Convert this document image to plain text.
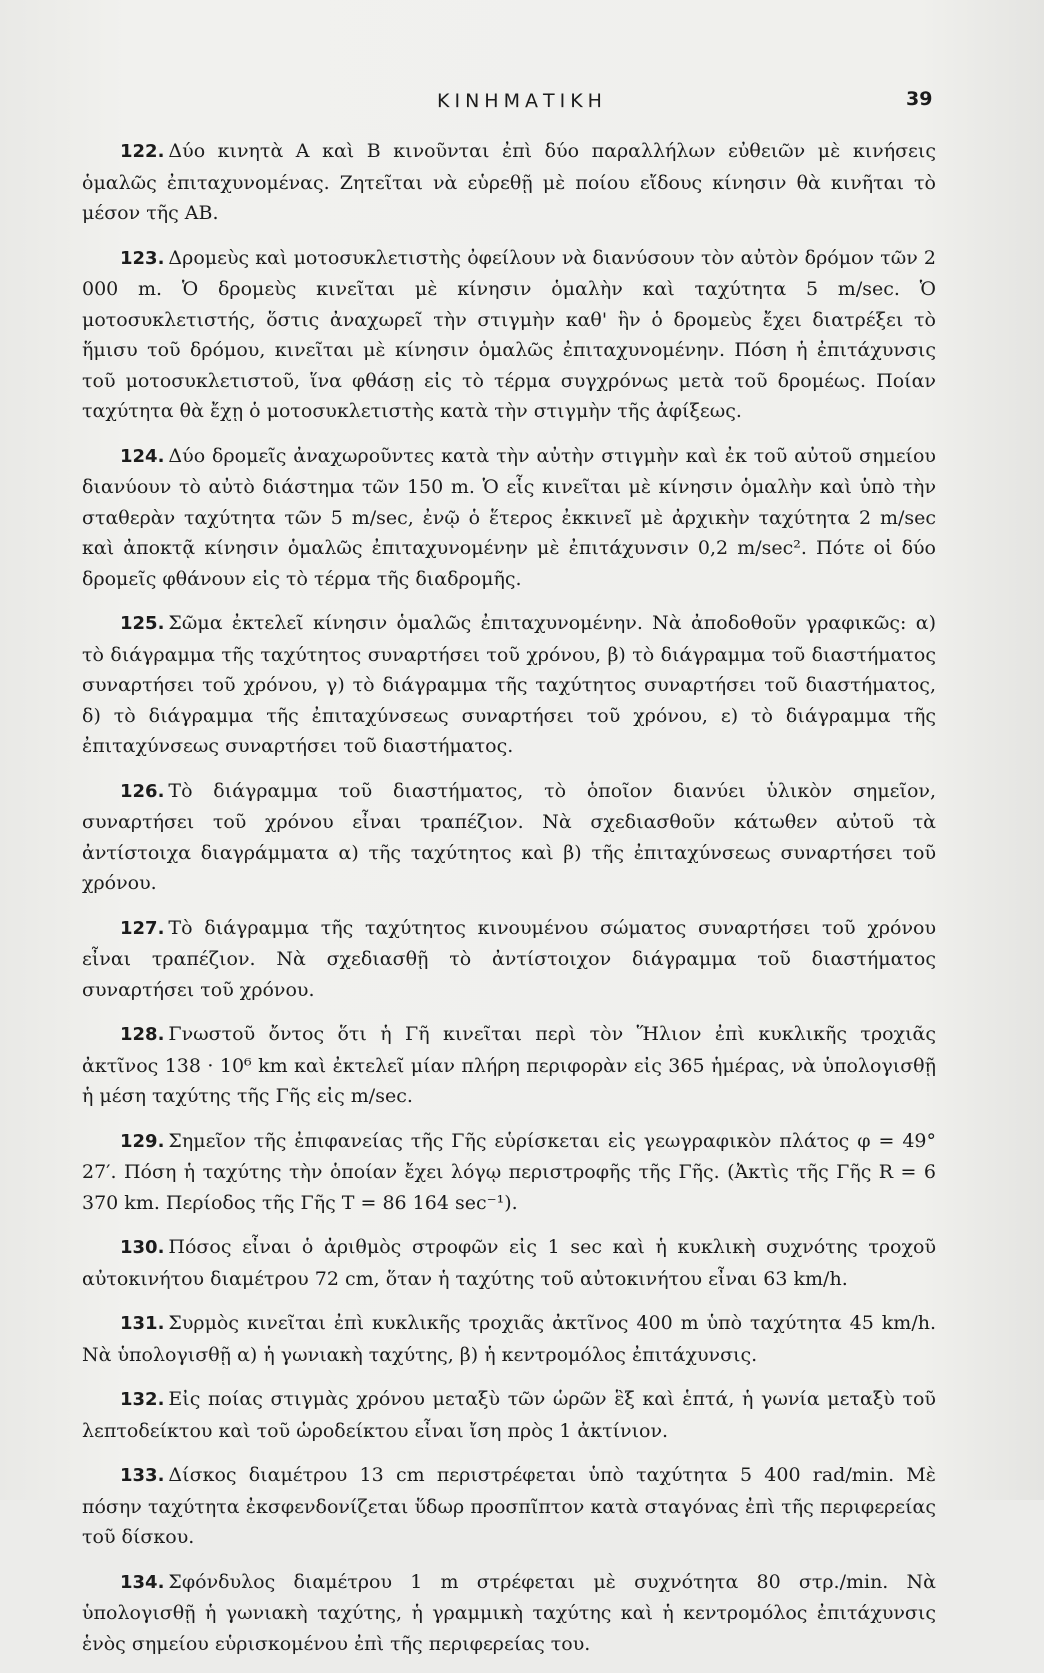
ΚΙΝΗΜΑΤΙΚΗ	39

122. Δύο κινητὰ Α καὶ Β κινοῦνται ἐπὶ δύο παραλλήλων εὐθειῶν μὲ κινήσεις ὁμαλῶς ἐπιταχυνομένας. Ζητεῖται νὰ εὑρεθῇ μὲ ποίου εἴδους κίνησιν θὰ κινῆται τὸ μέσον τῆς ΑΒ.

123. Δρομεὺς καὶ μοτοσυκλετιστὴς ὀφείλουν νὰ διανύσουν τὸν αὐτὸν δρόμον τῶν 2 000 m. Ὁ δρομεὺς κινεῖται μὲ κίνησιν ὁμαλὴν καὶ ταχύτητα 5 m/sec. Ὁ μοτοσυκλετιστής, ὅστις ἀναχωρεῖ τὴν στιγμὴν καθ' ἣν ὁ δρομεὺς ἔχει διατρέξει τὸ ἥμισυ τοῦ δρόμου, κινεῖται μὲ κίνησιν ὁμαλῶς ἐπιταχυνομένην. Πόση ἡ ἐπιτάχυνσις τοῦ μοτοσυκλετιστοῦ, ἵνα φθάσῃ εἰς τὸ τέρμα συγχρόνως μετὰ τοῦ δρομέως. Ποίαν ταχύτητα θὰ ἔχῃ ὁ μοτοσυκλετιστὴς κατὰ τὴν στιγμὴν τῆς ἀφίξεως.

124. Δύο δρομεῖς ἀναχωροῦντες κατὰ τὴν αὐτὴν στιγμὴν καὶ ἐκ τοῦ αὐτοῦ σημείου διανύουν τὸ αὐτὸ διάστημα τῶν 150 m. Ὁ εἷς κινεῖται μὲ κίνησιν ὁμαλὴν καὶ ὑπὸ τὴν σταθερὰν ταχύτητα τῶν 5 m/sec, ἐνῷ ὁ ἕτερος ἐκκινεῖ μὲ ἀρχικὴν ταχύτητα 2 m/sec καὶ ἀποκτᾷ κίνησιν ὁμαλῶς ἐπιταχυνομένην μὲ ἐπιτάχυνσιν 0,2 m/sec². Πότε οἱ δύο δρομεῖς φθάνουν εἰς τὸ τέρμα τῆς διαδρομῆς.

125. Σῶμα ἐκτελεῖ κίνησιν ὁμαλῶς ἐπιταχυνομένην. Νὰ ἀποδοθοῦν γραφικῶς: α) τὸ διάγραμμα τῆς ταχύτητος συναρτήσει τοῦ χρόνου, β) τὸ διάγραμμα τοῦ διαστήματος συναρτήσει τοῦ χρόνου, γ) τὸ διάγραμμα τῆς ταχύτητος συναρτήσει τοῦ διαστήματος, δ) τὸ διάγραμμα τῆς ἐπιταχύνσεως συναρτήσει τοῦ χρόνου, ε) τὸ διάγραμμα τῆς ἐπιταχύνσεως συναρτήσει τοῦ διαστήματος.

126. Τὸ διάγραμμα τοῦ διαστήματος, τὸ ὁποῖον διανύει ὑλικὸν σημεῖον, συναρτήσει τοῦ χρόνου εἶναι τραπέζιον. Νὰ σχεδιασθοῦν κάτωθεν αὐτοῦ τὰ ἀντίστοιχα διαγράμματα α) τῆς ταχύτητος καὶ β) τῆς ἐπιταχύνσεως συναρτήσει τοῦ χρόνου.

127. Τὸ διάγραμμα τῆς ταχύτητος κινουμένου σώματος συναρτήσει τοῦ χρόνου εἶναι τραπέζιον. Νὰ σχεδιασθῇ τὸ ἀντίστοιχον διάγραμμα τοῦ διαστήματος συναρτήσει τοῦ χρόνου.

128. Γνωστοῦ ὄντος ὅτι ἡ Γῆ κινεῖται περὶ τὸν Ἥλιον ἐπὶ κυκλικῆς τροχιᾶς ἀκτῖνος 138 · 10⁶ km καὶ ἐκτελεῖ μίαν πλήρη περιφορὰν εἰς 365 ἡμέρας, νὰ ὑπολογισθῇ ἡ μέση ταχύτης τῆς Γῆς εἰς m/sec.

129. Σημεῖον τῆς ἐπιφανείας τῆς Γῆς εὑρίσκεται εἰς γεωγραφικὸν πλάτος φ = 49° 27′. Πόση ἡ ταχύτης τὴν ὁποίαν ἔχει λόγῳ περιστροφῆς τῆς Γῆς. (Ἀκτὶς τῆς Γῆς R = 6 370 km. Περίοδος τῆς Γῆς T = 86 164 sec⁻¹).

130. Πόσος εἶναι ὁ ἀριθμὸς στροφῶν εἰς 1 sec καὶ ἡ κυκλικὴ συχνότης τροχοῦ αὐτοκινήτου διαμέτρου 72 cm, ὅταν ἡ ταχύτης τοῦ αὐτοκινήτου εἶναι 63 km/h.

131. Συρμὸς κινεῖται ἐπὶ κυκλικῆς τροχιᾶς ἀκτῖνος 400 m ὑπὸ ταχύτητα 45 km/h. Νὰ ὑπολογισθῇ α) ἡ γωνιακὴ ταχύτης, β) ἡ κεντρομόλος ἐπιτάχυνσις.

132. Εἰς ποίας στιγμὰς χρόνου μεταξὺ τῶν ὡρῶν ἓξ καὶ ἑπτά, ἡ γωνία μεταξὺ τοῦ λεπτοδείκτου καὶ τοῦ ὡροδείκτου εἶναι ἴση πρὸς 1 ἀκτίνιον.

133. Δίσκος διαμέτρου 13 cm περιστρέφεται ὑπὸ ταχύτητα 5 400 rad/min. Μὲ πόσην ταχύτητα ἐκσφενδονίζεται ὕδωρ προσπῖπτον κατὰ σταγόνας ἐπὶ τῆς περιφερείας τοῦ δίσκου.

134. Σφόνδυλος διαμέτρου 1 m στρέφεται μὲ συχνότητα 80 στρ./min. Νὰ ὑπολογισθῇ ἡ γωνιακὴ ταχύτης, ἡ γραμμικὴ ταχύτης καὶ ἡ κεντρομόλος ἐπιτάχυνσις ἑνὸς σημείου εὑρισκομένου ἐπὶ τῆς περιφερείας του.
